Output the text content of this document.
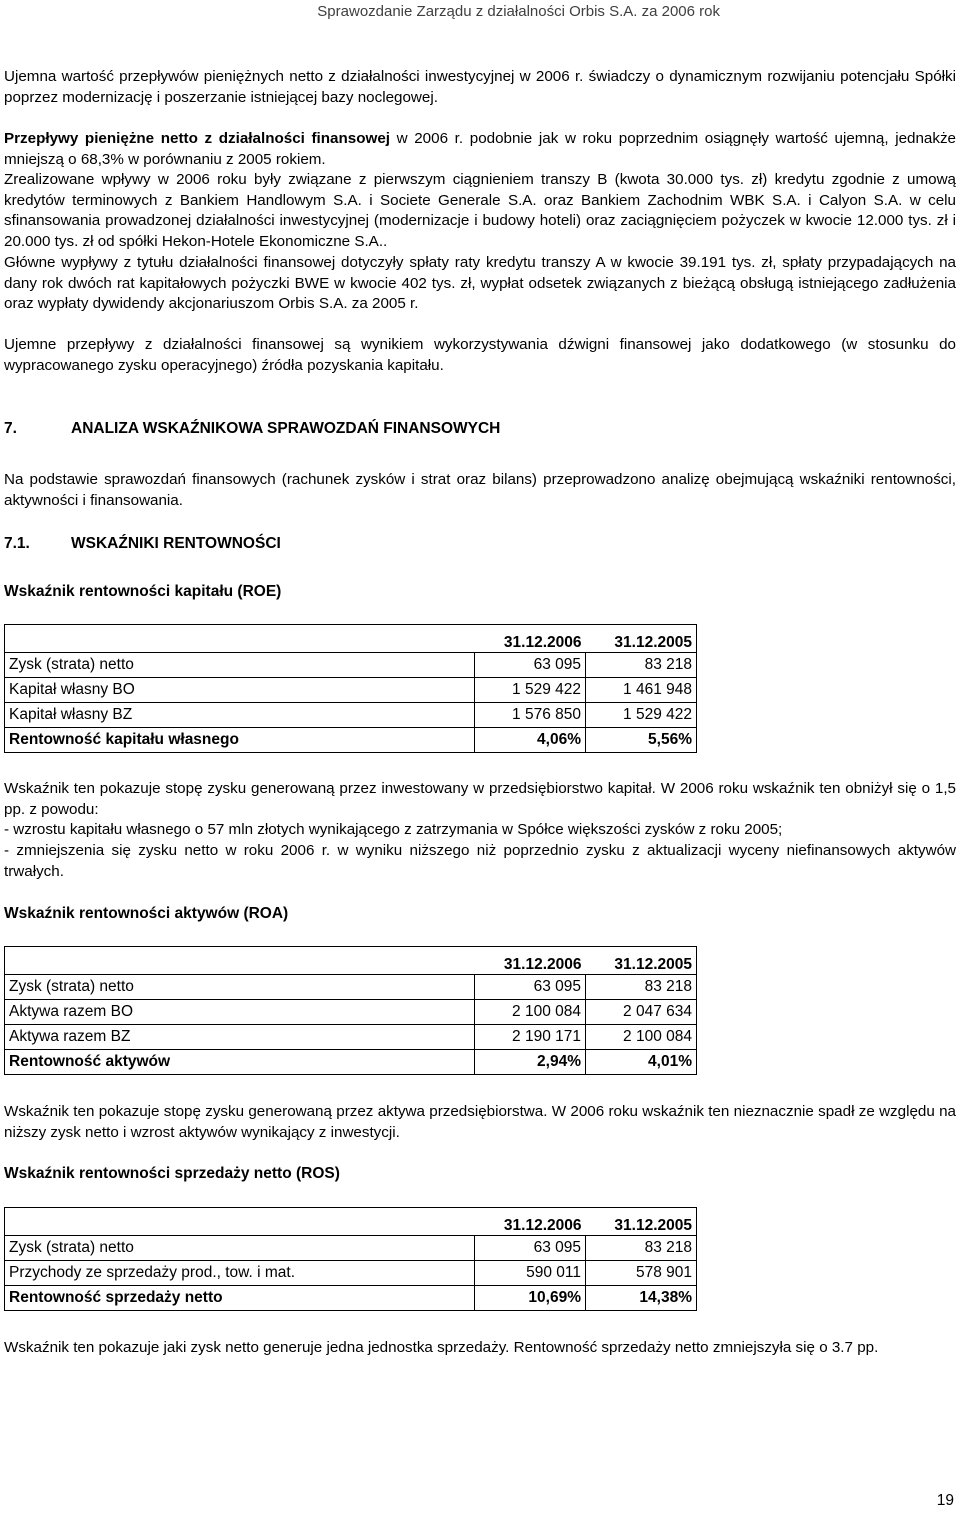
Sprawozdanie Zarządu z działalności Orbis S.A. za 2006 rok
Ujemna wartość przepływów pieniężnych netto z działalności inwestycyjnej w 2006 r. świadczy o dynamicznym rozwijaniu potencjału Spółki poprzez modernizację i poszerzanie istniejącej bazy noclegowej.
Przepływy pieniężne netto z działalności finansowej w 2006 r. podobnie jak w roku poprzednim osiągnęły wartość ujemną, jednakże mniejszą o 68,3% w porównaniu z 2005 rokiem.
Zrealizowane wpływy w 2006 roku były związane z pierwszym ciągnieniem transzy B (kwota 30.000 tys. zł) kredytu zgodnie z umową kredytów terminowych z Bankiem Handlowym S.A. i Societe Generale S.A. oraz Bankiem Zachodnim WBK S.A. i Calyon S.A. w celu sfinansowania prowadzonej działalności inwestycyjnej (modernizacje i budowy hoteli) oraz zaciągnięciem pożyczek w kwocie 12.000 tys. zł i 20.000 tys. zł od spółki Hekon-Hotele Ekonomiczne S.A..
Główne wypływy z tytułu działalności finansowej dotyczyły spłaty raty kredytu transzy A w kwocie 39.191 tys. zł, spłaty przypadających na dany rok dwóch rat kapitałowych pożyczki BWE w kwocie 402 tys. zł, wypłat odsetek związanych z bieżącą obsługą istniejącego zadłużenia oraz wypłaty dywidendy akcjonariuszom Orbis S.A. za 2005 r.
Ujemne przepływy z działalności finansowej są wynikiem wykorzystywania dźwigni finansowej jako dodatkowego (w stosunku do wypracowanego zysku operacyjnego) źródła pozyskania kapitału.
7.	ANALIZA WSKAŹNIKOWA SPRAWOZDAŃ FINANSOWYCH
Na podstawie sprawozdań finansowych (rachunek zysków i strat oraz bilans) przeprowadzono analizę obejmującą wskaźniki rentowności, aktywności i finansowania.
7.1.	WSKAŹNIKI RENTOWNOŚCI
Wskaźnik rentowności kapitału (ROE)
	31.12.2006	31.12.2005
Zysk (strata) netto	63 095	83 218
Kapitał własny BO	1 529 422	1 461 948
Kapitał własny BZ	1 576 850	1 529 422
Rentowność kapitału własnego	4,06%	5,56%
Wskaźnik ten pokazuje stopę zysku generowaną przez inwestowany w przedsiębiorstwo kapitał. W 2006 roku wskaźnik ten obniżył się o 1,5 pp. z powodu:
- wzrostu kapitału własnego o 57 mln złotych wynikającego z zatrzymania w Spółce większości zysków z roku 2005;
- zmniejszenia się zysku netto w roku 2006 r. w wyniku niższego niż poprzednio zysku z aktualizacji wyceny niefinansowych aktywów trwałych.
Wskaźnik rentowności aktywów (ROA)
	31.12.2006	31.12.2005
Zysk (strata) netto	63 095	83 218
Aktywa razem BO	2 100 084	2 047 634
Aktywa razem BZ	2 190 171	2 100 084
Rentowność aktywów	2,94%	4,01%
Wskaźnik ten pokazuje stopę zysku generowaną przez aktywa przedsiębiorstwa. W 2006 roku wskaźnik ten nieznacznie spadł ze względu na niższy zysk netto i wzrost aktywów wynikający z inwestycji.
Wskaźnik rentowności sprzedaży netto (ROS)
	31.12.2006	31.12.2005
Zysk (strata) netto	63 095	83 218
Przychody ze sprzedaży prod., tow. i mat.	590 011	578 901
Rentowność sprzedaży netto	10,69%	14,38%
Wskaźnik ten pokazuje jaki zysk netto generuje jedna jednostka sprzedaży. Rentowność sprzedaży netto zmniejszyła się o 3.7 pp.
19
